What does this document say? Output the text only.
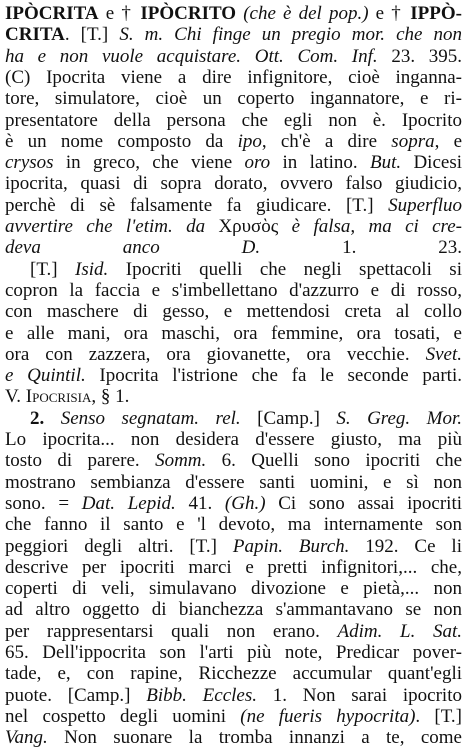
IPÒCRITA e † IPÒCRITO (che è del pop.) e † IPPÒ-
CRITA. [T.] S. m. Chi finge un pregio mor. che non
ha e non vuole acquistare. Ott. Com. Inf. 23. 395.
(C) Ipocrita viene a dire infignitore, cioè ingannа-
tore, simulatore, cioè un coperto ingannatore, e ri-
presentatore della persona che egli non è. Ipocrito
è un nome composto da ipo, ch'è a dire sopra, e
crysos in greco, che viene oro in latino. But. Dicesi
ipocrita, quasi di sopra dorato, ovvero falso giudicio,
perchè di sè falsamente fa giudicare. [T.] Superfluo
avvertire che l'etim. da Χρυσὸς è falsa, ma ci cre-
deva anco D. 1. 23.
[T.] Isid. Ipocriti quelli che negli spettacoli si
copron la faccia e s'imbellettano d'azzurro e di rosso,
con maschere di gesso, e mettendosi creta al collo
e alle mani, ora maschi, ora femmine, ora tosati, e
ora con zazzera, ora giovanette, ora vecchie. Svet.
e Quintil. Ipocrita l'istrione che fa le seconde parti.
V. Ipocrisia, § 1.
2. Senso segnatam. rel. [Camp.] S. Greg. Mor.
Lo ipocrita... non desidera d'essere giusto, ma più
tosto di parere. Somm. 6. Quelli sono ipocriti che
mostrano sembianza d'essere santi uomini, e sì non
sono. = Dat. Lepid. 41. (Gh.) Ci sono assai ipocriti
che fanno il santo e 'l devoto, ma internamente son
peggiori degli altri. [T.] Papin. Burch. 192. Ce li
descrive per ipocriti marci e pretti infignitori,... che,
coperti di veli, simulavano divozione e pietà,... non
ad altro oggetto di bianchezza s'ammantavano se non
per rappresentarsi quali non erano. Adim. L. Sat.
65. Dell'ippocrita son l'arti più note, Predicar pover-
tade, e, con rapine, Ricchezze accumular quant'egli
puote. [Camp.] Bibb. Eccles. 1. Non sarai ipocrito
nel cospetto degli uomini (ne fueris hypocrita). [T.]
Vang. Non suonare la tromba innanzi a te, come
